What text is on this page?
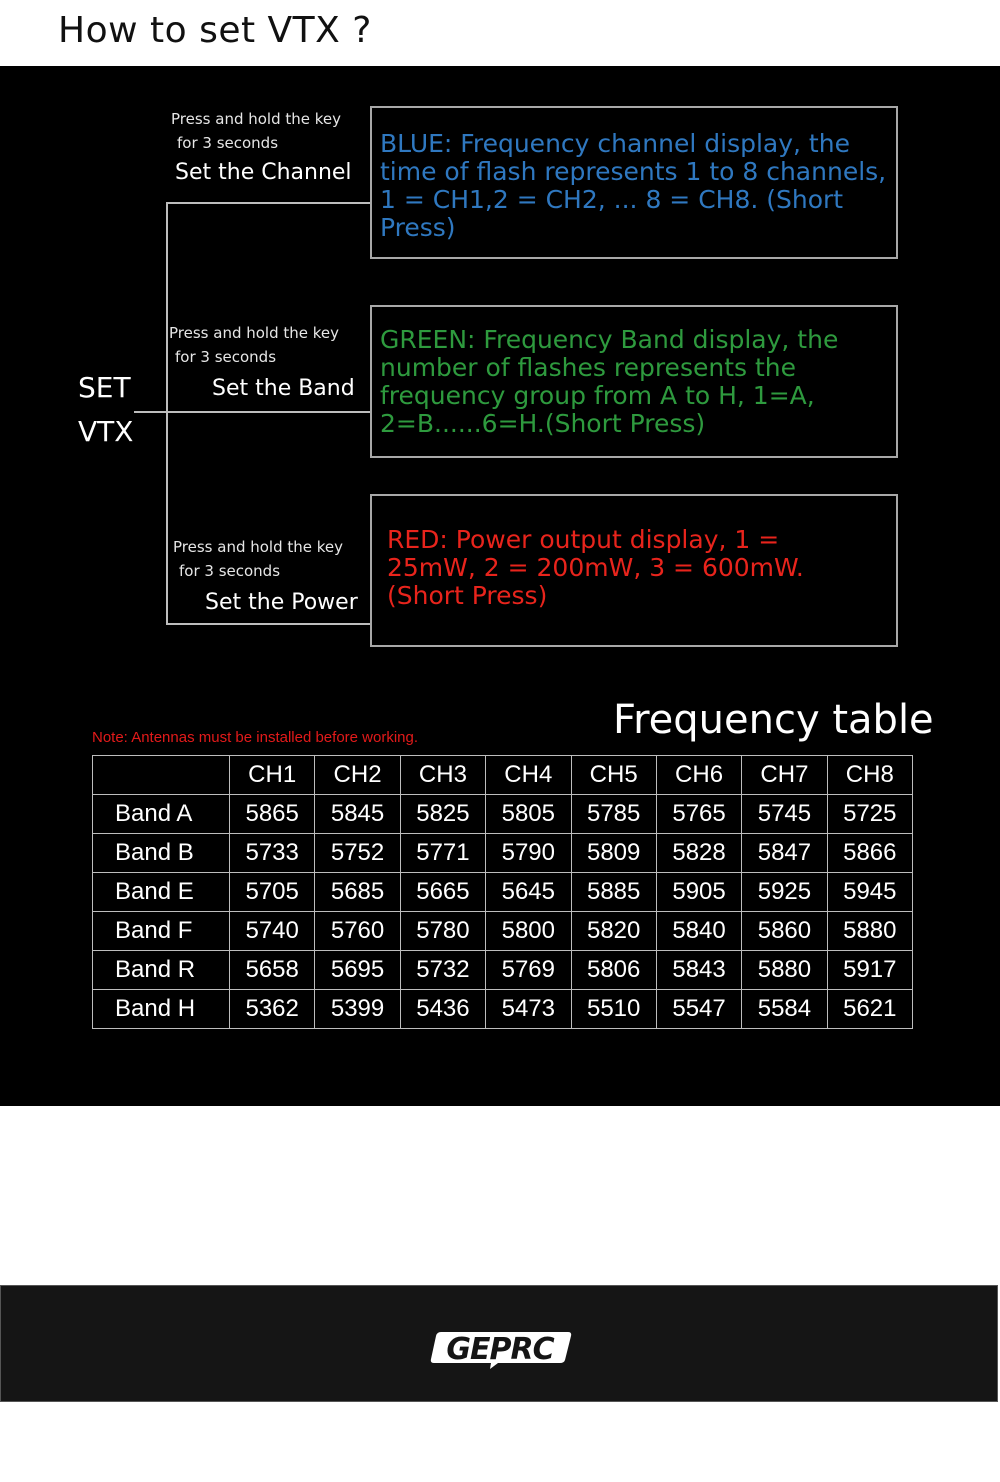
How to set VTX ?
SET
VTX
Press and hold the key
for 3 seconds
Set the Channel

BLUE: Frequency channel display, the time of flash represents 1 to 8 channels, 1 = CH1,2 = CH2, ... 8 = CH8. (Short Press)

Press and hold the key
for 3 seconds
Set the Band

GREEN: Frequency Band display, the number of flashes represents the frequency group from A to H, 1=A, 2=B......6=H.(Short Press)

Press and hold the key
for 3 seconds
Set the Power

RED: Power output display, 1 = 25mW, 2 = 200mW, 3 = 600mW.(Short Press)

Note: Antennas must be installed before working.	Frequency table
	CH1	CH2	CH3	CH4	CH5	CH6	CH7	CH8
Band A	5865	5845	5825	5805	5785	5765	5745	5725
Band B	5733	5752	5771	5790	5809	5828	5847	5866
Band E	5705	5685	5665	5645	5885	5905	5925	5945
Band F	5740	5760	5780	5800	5820	5840	5860	5880
Band R	5658	5695	5732	5769	5806	5843	5880	5917
Band H	5362	5399	5436	5473	5510	5547	5584	5621
GEPRC
